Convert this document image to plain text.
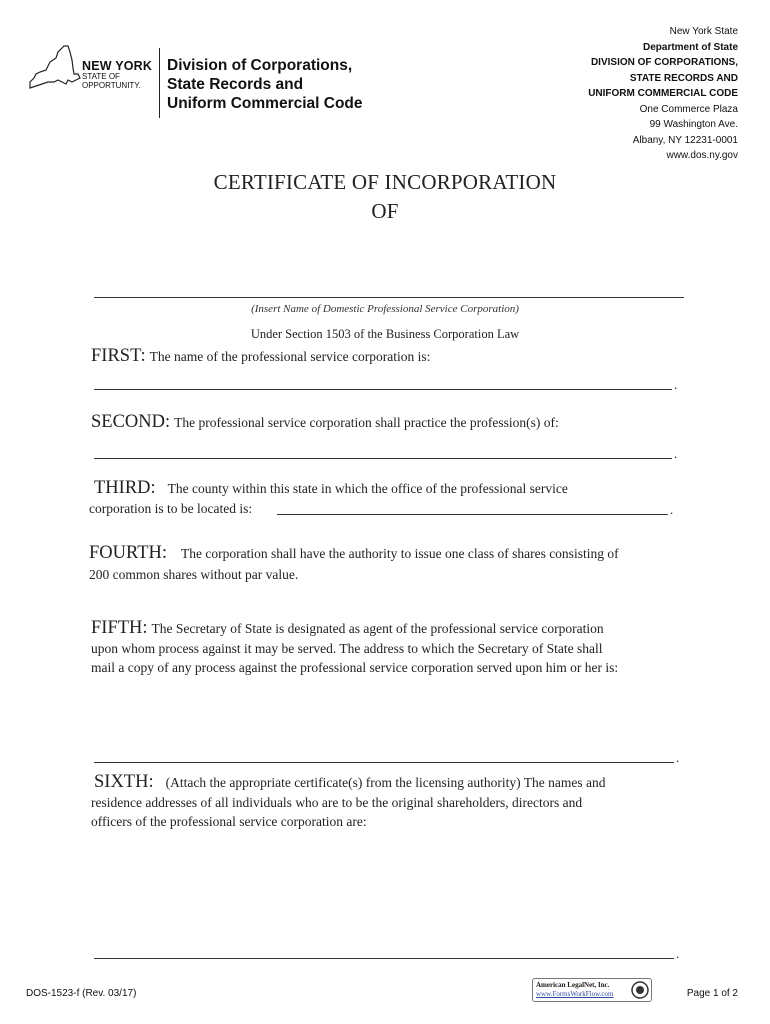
NEW YORK
STATE OF OPPORTUNITY.
Division of Corporations,
State Records and
Uniform Commercial Code
New York State
Department of State
DIVISION OF CORPORATIONS,
STATE RECORDS AND
UNIFORM COMMERCIAL CODE
One Commerce Plaza
99 Washington Ave.
Albany, NY 12231-0001
www.dos.ny.gov
CERTIFICATE OF INCORPORATION
OF
(Insert Name of Domestic Professional Service Corporation)
Under Section 1503 of the Business Corporation Law
FIRST: The name of the professional service corporation is:
.
SECOND: The professional service corporation shall practice the profession(s) of:
.
THIRD: The county within this state in which the office of the professional service
corporation is to be located is:	.
FOURTH: The corporation shall have the authority to issue one class of shares consisting of
200 common shares without par value.
FIFTH: The Secretary of State is designated as agent of the professional service corporation
upon whom process against it may be served. The address to which the Secretary of State shall
mail a copy of any process against the professional service corporation served upon him or her is:
.
SIXTH: (Attach the appropriate certificate(s) from the licensing authority) The names and
residence addresses of all individuals who are to be the original shareholders, directors and
officers of the professional service corporation are:
.
DOS-1523-f (Rev. 03/17)
American LegalNet, Inc.
www.FormsWorkFlow.com	Page 1 of 2
